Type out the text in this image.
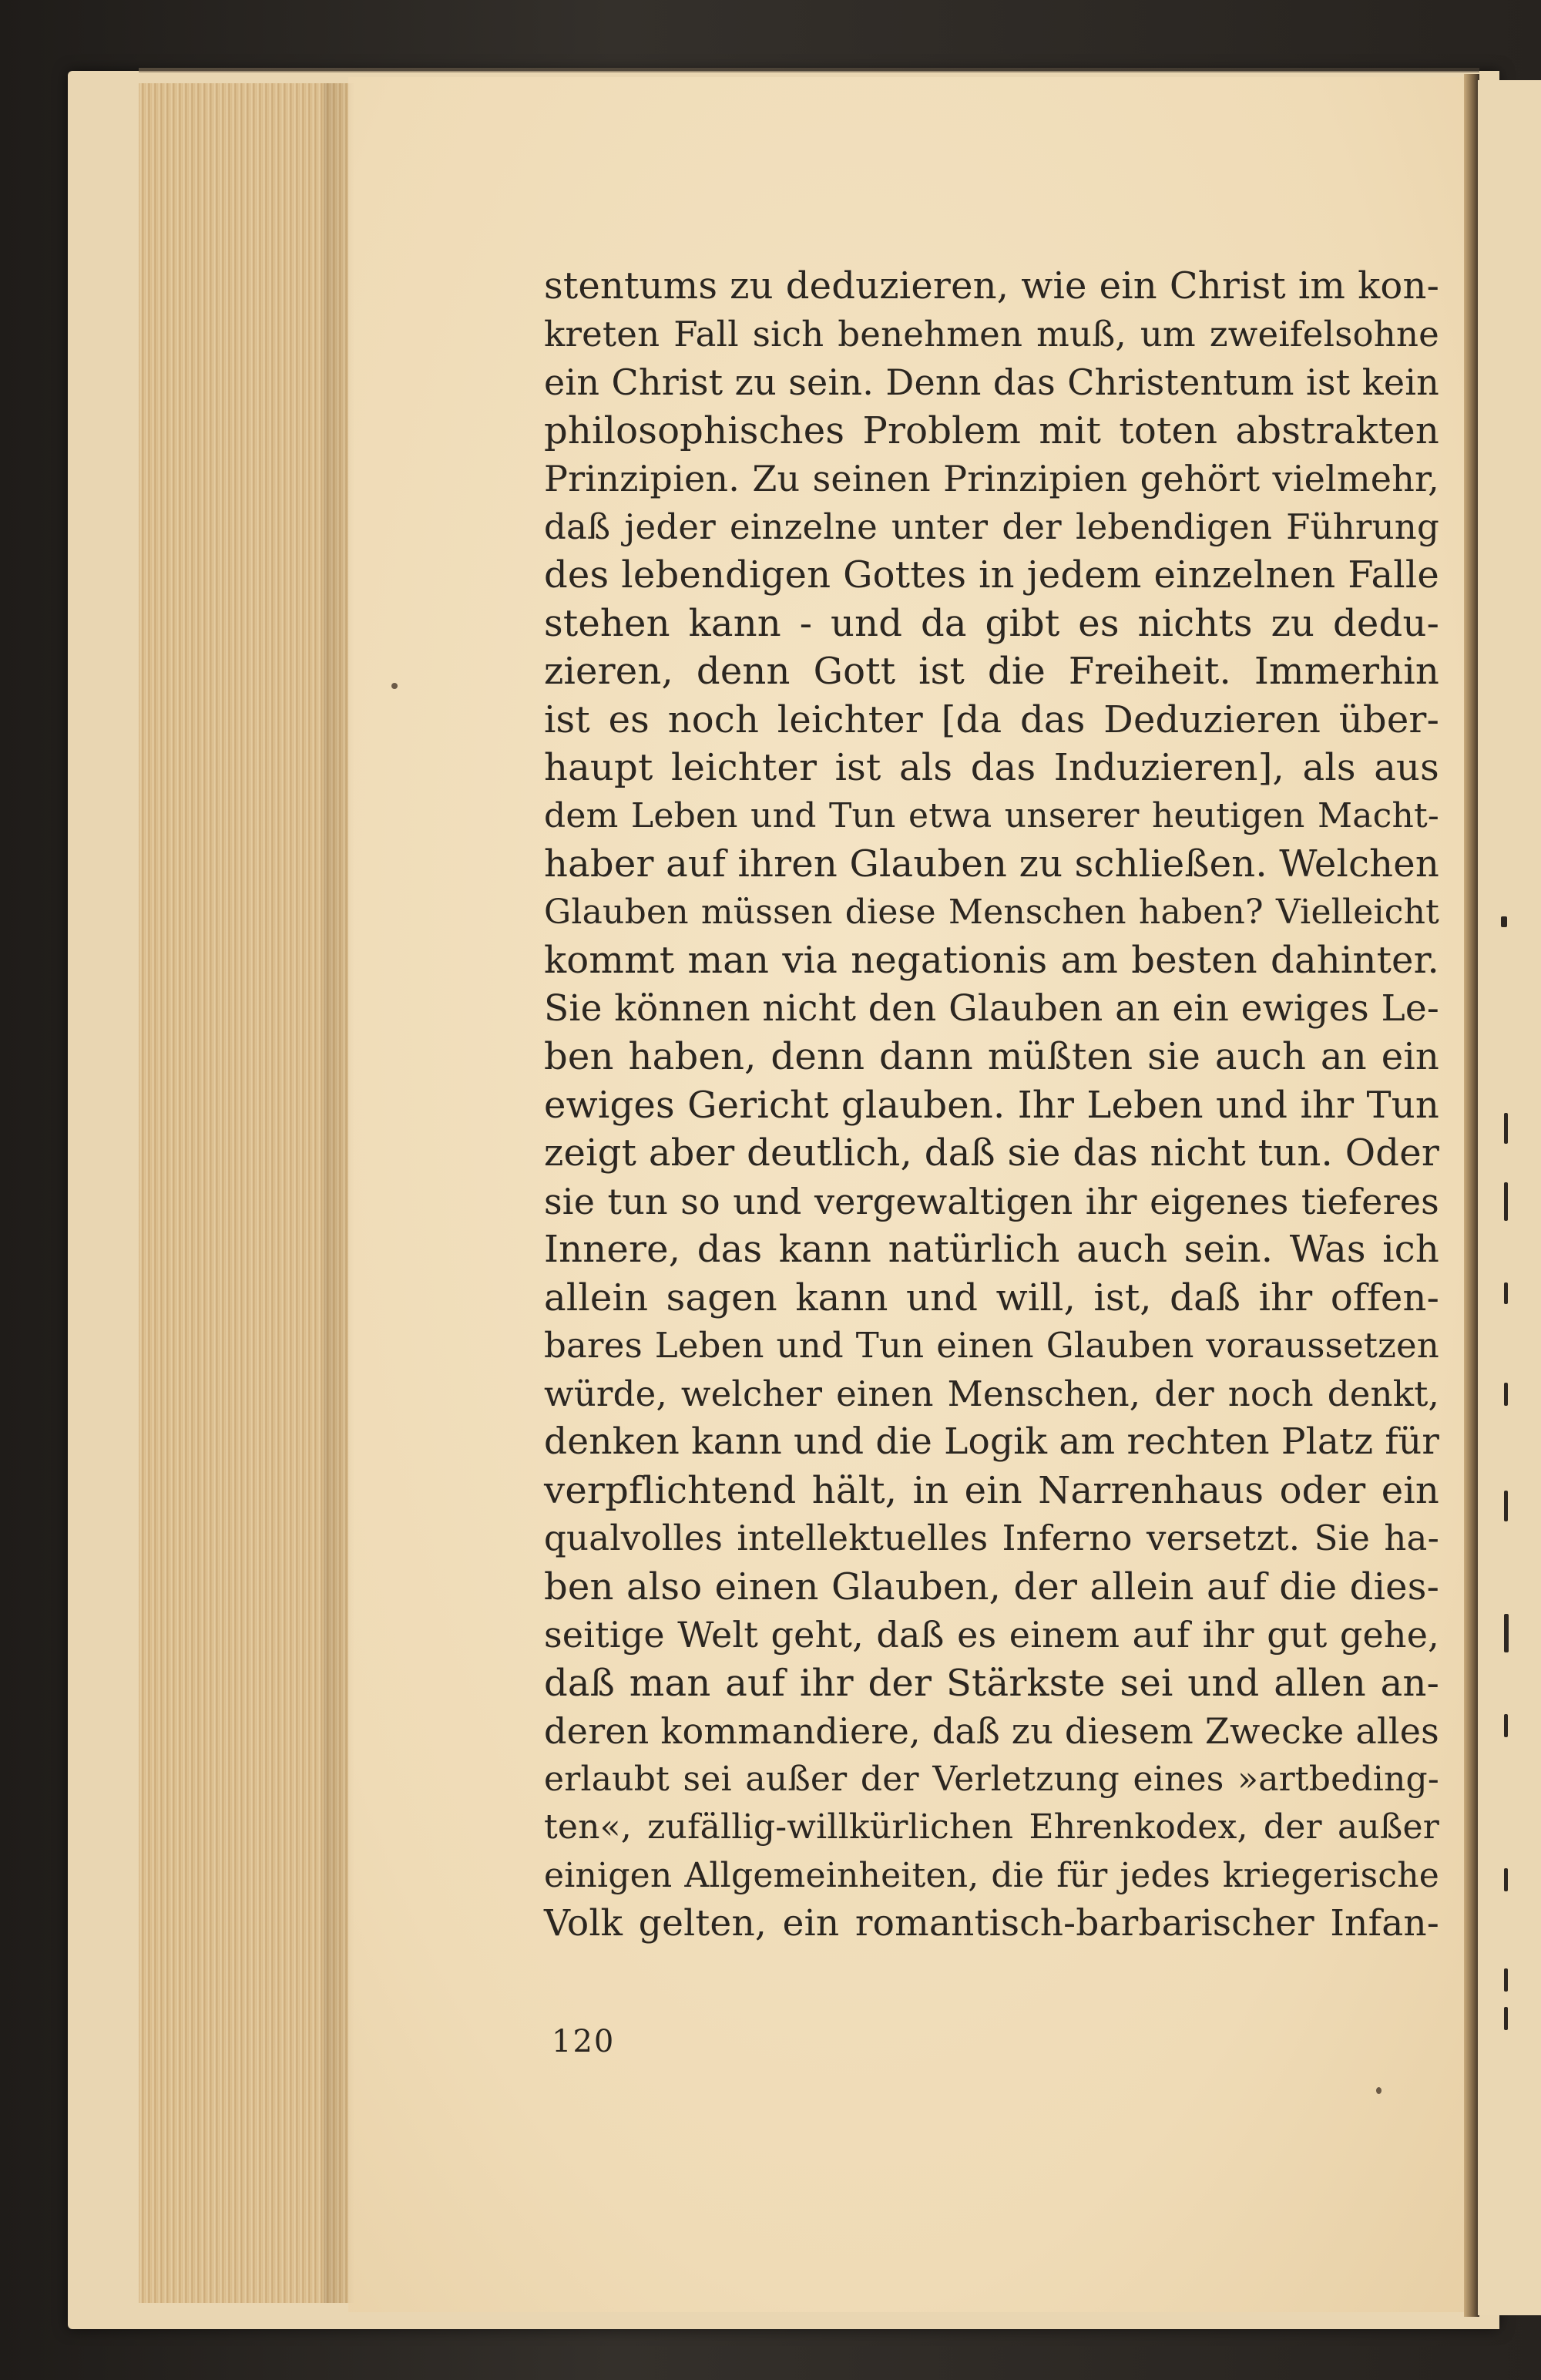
stentums zu deduzieren, wie ein Christ im kon-
kreten Fall sich benehmen muß, um zweifelsohne
ein Christ zu sein. Denn das Christentum ist kein
philosophisches Problem mit toten abstrakten
Prinzipien. Zu seinen Prinzipien gehört vielmehr,
daß jeder einzelne unter der lebendigen Führung
des lebendigen Gottes in jedem einzelnen Falle
stehen kann - und da gibt es nichts zu dedu-
zieren, denn Gott ist die Freiheit. Immerhin
ist es noch leichter [da das Deduzieren über-
haupt leichter ist als das Induzieren], als aus
dem Leben und Tun etwa unserer heutigen Macht-
haber auf ihren Glauben zu schließen. Welchen
Glauben müssen diese Menschen haben? Vielleicht
kommt man via negationis am besten dahinter.
Sie können nicht den Glauben an ein ewiges Le-
ben haben, denn dann müßten sie auch an ein
ewiges Gericht glauben. Ihr Leben und ihr Tun
zeigt aber deutlich, daß sie das nicht tun. Oder
sie tun so und vergewaltigen ihr eigenes tieferes
Innere, das kann natürlich auch sein. Was ich
allein sagen kann und will, ist, daß ihr offen-
bares Leben und Tun einen Glauben voraussetzen
würde, welcher einen Menschen, der noch denkt,
denken kann und die Logik am rechten Platz für
verpflichtend hält, in ein Narrenhaus oder ein
qualvolles intellektuelles Inferno versetzt. Sie ha-
ben also einen Glauben, der allein auf die dies-
seitige Welt geht, daß es einem auf ihr gut gehe,
daß man auf ihr der Stärkste sei und allen an-
deren kommandiere, daß zu diesem Zwecke alles
erlaubt sei außer der Verletzung eines »artbeding-
ten«, zufällig-willkürlichen Ehrenkodex, der außer
einigen Allgemeinheiten, die für jedes kriegerische
Volk gelten, ein romantisch-barbarischer Infan-
120
